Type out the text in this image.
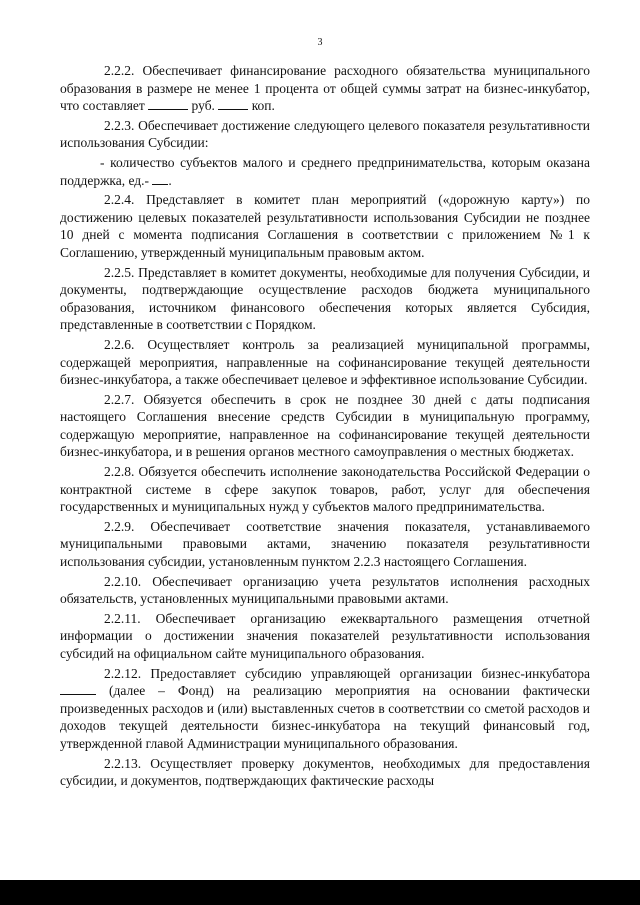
3

2.2.2. Обеспечивает финансирование расходного обязательства муниципального образования в размере не менее 1 процента от общей суммы затрат на бизнес-инкубатор, что составляет	руб.  коп.

2.2.3. Обеспечивает достижение следующего целевого показателя результативности использования Субсидии:

- количество субъектов малого и среднего предпринимательства, которым оказана поддержка, ед.- .

2.2.4. Представляет в комитет план мероприятий («дорожную карту») по достижению целевых показателей результативности использования Субсидии не позднее 10 дней с момента подписания Соглашения в соответствии с приложением №1 к Соглашению, утвержденный муниципальным правовым актом.

2.2.5. Представляет в комитет документы, необходимые для получения Субсидии, и документы, подтверждающие осуществление расходов бюджета муниципального образования, источником финансового обеспечения которых является Субсидия, представленные в соответствии с Порядком.

2.2.6. Осуществляет контроль за реализацией муниципальной программы, содержащей мероприятия, направленные на софинансирование текущей деятельности бизнес-инкубатора, а также обеспечивает целевое и эффективное использование Субсидии.

2.2.7. Обязуется обеспечить в срок не позднее 30 дней с даты подписания настоящего Соглашения внесение средств Субсидии в муниципальную программу, содержащую мероприятие, направленное на софинансирование текущей деятельности бизнес-инкубатора, и в решения органов местного самоуправления о местных бюджетах.

2.2.8. Обязуется обеспечить исполнение законодательства Российской Федерации о контрактной системе в сфере закупок товаров, работ, услуг для обеспечения государственных и муниципальных нужд у субъектов малого предпринимательства.

2.2.9. Обеспечивает соответствие значения показателя, устанавливаемого муниципальными правовыми актами, значению показателя результативности использования субсидии, установленным пунктом 2.2.3 настоящего Соглашения.

2.2.10. Обеспечивает организацию учета результатов исполнения расходных обязательств, установленных муниципальными правовыми актами.

2.2.11. Обеспечивает организацию ежеквартального размещения отчетной информации о достижении значения показателей результативности использования субсидий на официальном сайте муниципального образования.

2.2.12. Предоставляет субсидию управляющей организации бизнес-инкубатора  (далее – Фонд) на реализацию мероприятия на основании фактически произведенных расходов и (или) выставленных счетов в соответствии со сметой расходов и доходов текущей деятельности бизнес-инкубатора на текущий финансовый год, утвержденной главой Администрации муниципального образования.

2.2.13. Осуществляет проверку документов, необходимых для предоставления субсидии, и документов, подтверждающих фактические расходы
